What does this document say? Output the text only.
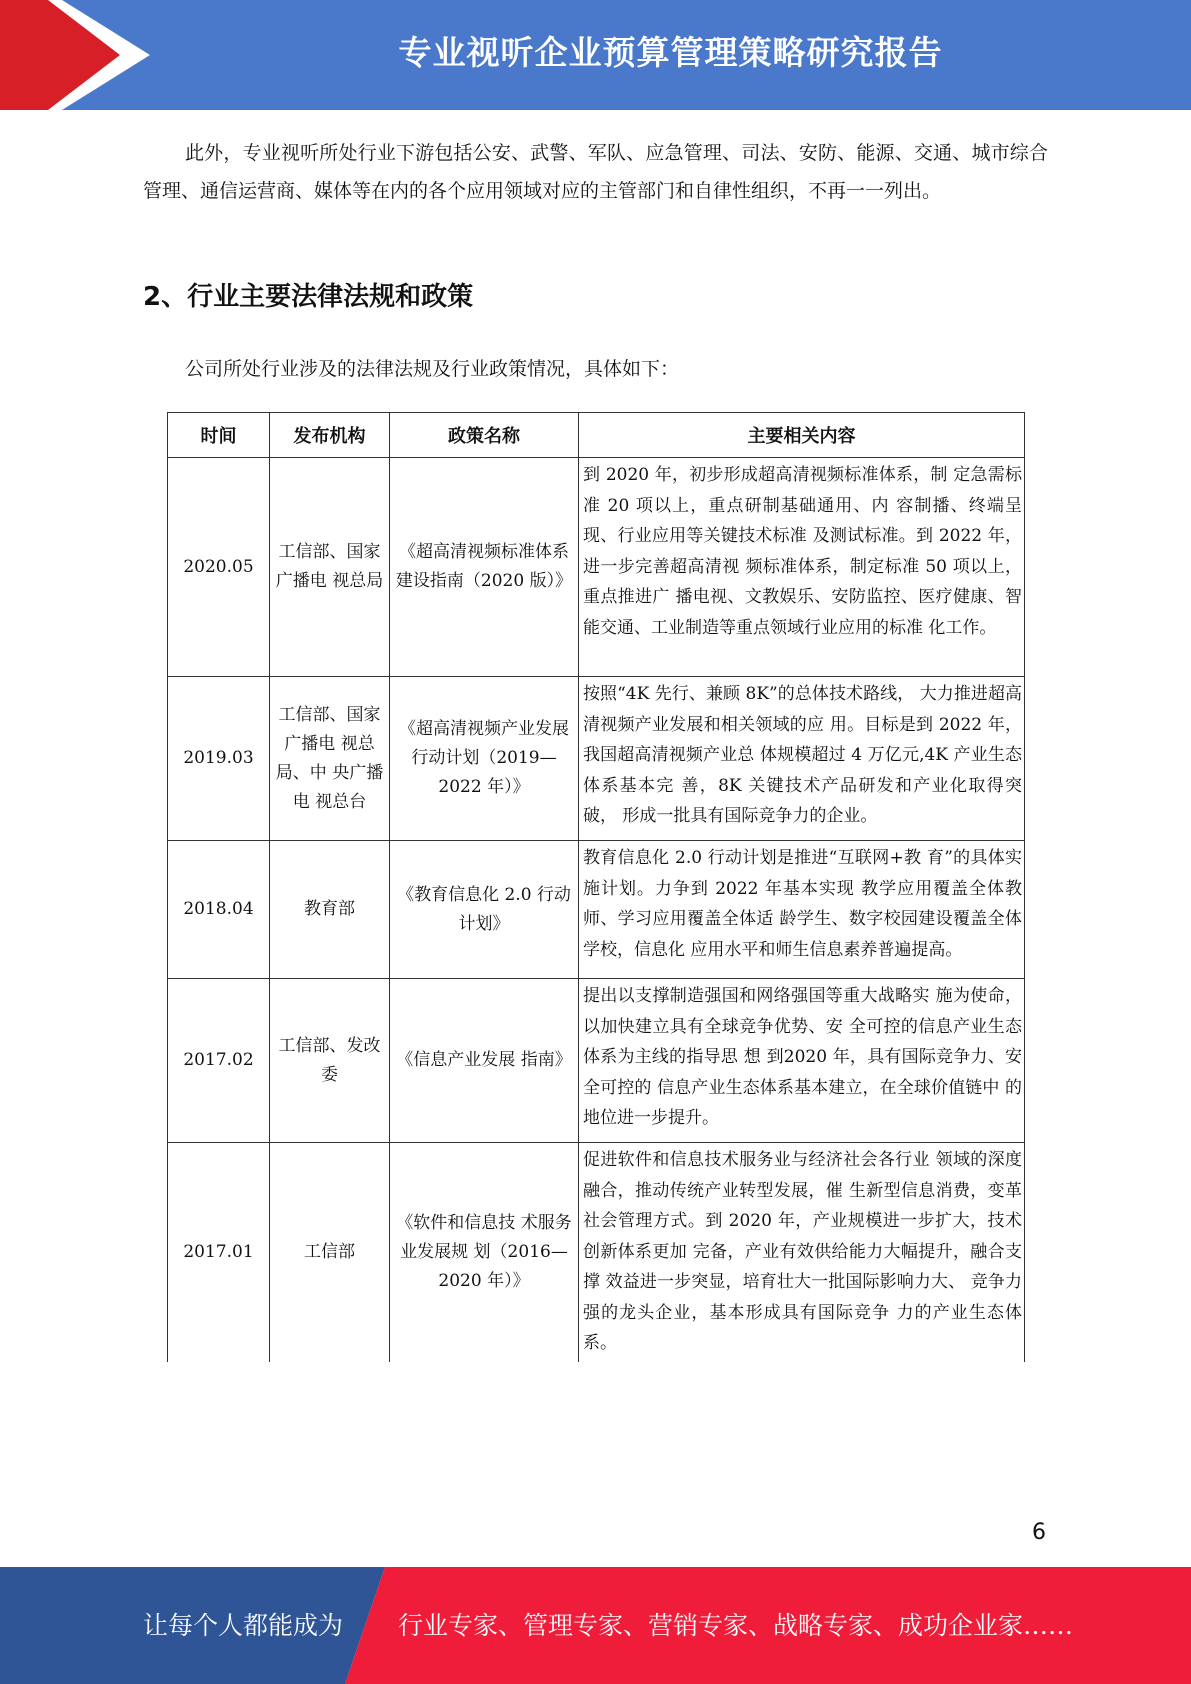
专业视听企业预算管理策略研究报告

此外，专业视听所处行业下游包括公安、武警、军队、应急管理、司法、安防、能源、交通、城市综合管理、通信运营商、媒体等在内的各个应用领域对应的主管部门和自律性组织，不再一一列出。

2、行业主要法律法规和政策

公司所处行业涉及的法律法规及行业政策情况，具体如下：

时间	发布机构	政策名称	主要相关内容
2020.05	工信部、国家广播电 视总局	《超高清视频标准体系建设指南（2020 版）》	到 2020 年，初步形成超高清视频标准体系，制 定急需标准 20 项以上，重点研制基础通用、内 容制播、终端呈现、行业应用等关键技术标准 及测试标准。到 2022 年，进一步完善超高清视 频标准体系，制定标准 50 项以上，重点推进广 播电视、文教娱乐、安防监控、医疗健康、智 能交通、工业制造等重点领域行业应用的标准 化工作。
2019.03	工信部、国家广播电 视总局、中 央广播电 视总台	《超高清视频产业发展行动计划（2019—2022 年）》	按照“4K 先行、兼顾 8K”的总体技术路线， 大力推进超高清视频产业发展和相关领域的应 用。目标是到 2022 年，我国超高清视频产业总 体规模超过 4 万亿元,4K 产业生态体系基本完 善，8K 关键技术产品研发和产业化取得突破， 形成一批具有国际竞争力的企业。
2018.04	教育部	《教育信息化 2.0 行动计划》	教育信息化 2.0 行动计划是推进“互联网+教 育”的具体实施计划。力争到 2022 年基本实现 教学应用覆盖全体教师、学习应用覆盖全体适 龄学生、数字校园建设覆盖全体学校，信息化 应用水平和师生信息素养普遍提高。
2017.02	工信部、发改委	《信息产业发展 指南》	提出以支撑制造强国和网络强国等重大战略实 施为使命，以加快建立具有全球竞争优势、安 全可控的信息产业生态体系为主线的指导思 想 到2020 年，具有国际竞争力、安全可控的 信息产业生态体系基本建立，在全球价值链中 的地位进一步提升。
2017.01	工信部	《软件和信息技 术服务业发展规 划（2016— 2020 年）》	促进软件和信息技术服务业与经济社会各行业 领域的深度融合，推动传统产业转型发展，催 生新型信息消费，变革社会管理方式。到 2020 年，产业规模进一步扩大，技术创新体系更加 完备，产业有效供给能力大幅提升，融合支撑 效益进一步突显，培育壮大一批国际影响力大、 竞争力强的龙头企业，基本形成具有国际竞争 力的产业生态体系。
6
让每个人都能成为 行业专家、管理专家、营销专家、战略专家、成功企业家……
